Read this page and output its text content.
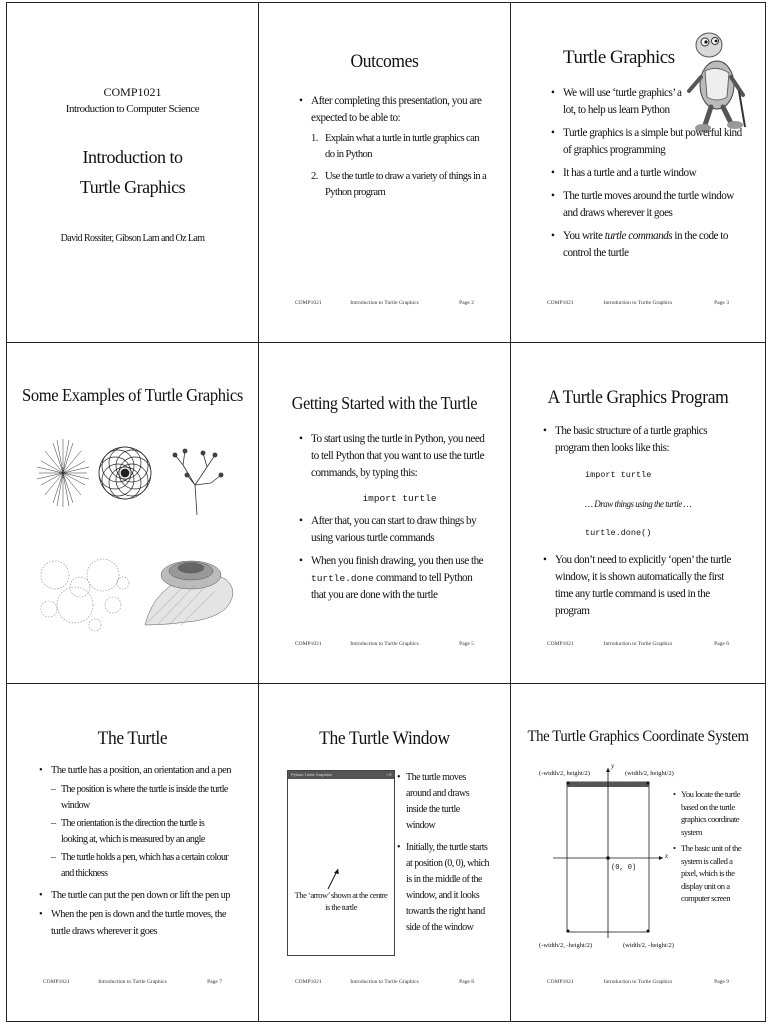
COMP1021
Introduction to Computer Science
Introduction to
Turtle Graphics
David Rossiter, Gibson Lam and Oz Lam
Outcomes
• After completing this presentation, you are expected to be able to:
1. Explain what a turtle in turtle graphics can do in Python
2. Use the turtle to draw a variety of things in a Python program
COMP1021	Introduction to Turtle Graphics	Page 2
Turtle Graphics
• We will use ‘turtle graphics’ a lot, to help us learn Python
• Turtle graphics is a simple but powerful kind of graphics programming
• It has a turtle and a turtle window
• The turtle moves around the turtle window and draws wherever it goes
• You write turtle commands in the code to control the turtle
COMP1021	Introduction to Turtle Graphics	Page 3
Some Examples of Turtle Graphics	Getting Started with the Turtle
• To start using the turtle in Python, you need to tell Python that you want to use the turtle commands, by typing this:
import turtle
• After that, you can start to draw things by using various turtle commands
• When you finish drawing, you then use the turtle.done command to tell Python that you are done with the turtle
COMP1021	Introduction to Turtle Graphics	Page 5
A Turtle Graphics Program
• The basic structure of a turtle graphics program then looks like this:
import turtle
… Draw things using the turtle …
turtle.done()
• You don’t need to explicitly ‘open’ the turtle window, it is shown automatically the first time any turtle command is used in the program
COMP1021	Introduction to Turtle Graphics	Page 6
The Turtle
• The turtle has a position, an orientation and a pen
– The position is where the turtle is inside the turtle window
– The orientation is the direction the turtle is looking at, which is measured by an angle
– The turtle holds a pen, which has a certain colour and thickness
• The turtle can put the pen down or lift the pen up
• When the pen is down and the turtle moves, the turtle draws wherever it goes
COMP1021	Introduction to Turtle Graphics	Page 7
The Turtle Window
Python Turtle Graphics	▫▫✕
The ‘arrow’ shown at the centre is the turtle
• The turtle moves around and draws inside the turtle window
• Initially, the turtle starts at position (0, 0), which is in the middle of the window, and it looks towards the right hand side of the window
COMP1021	Introduction to Turtle Graphics	Page 8
The Turtle Graphics Coordinate System
(-width/2, height/2)	(width/2, height/2)
(-width/2, -height/2)	(width/2, -height/2)
(0, 0)
x
y
• You locate the turtle based on the turtle graphics coordinate system
• The basic unit of the system is called a pixel, which is the display unit on a computer screen
COMP1021	Introduction to Turtle Graphics	Page 9
